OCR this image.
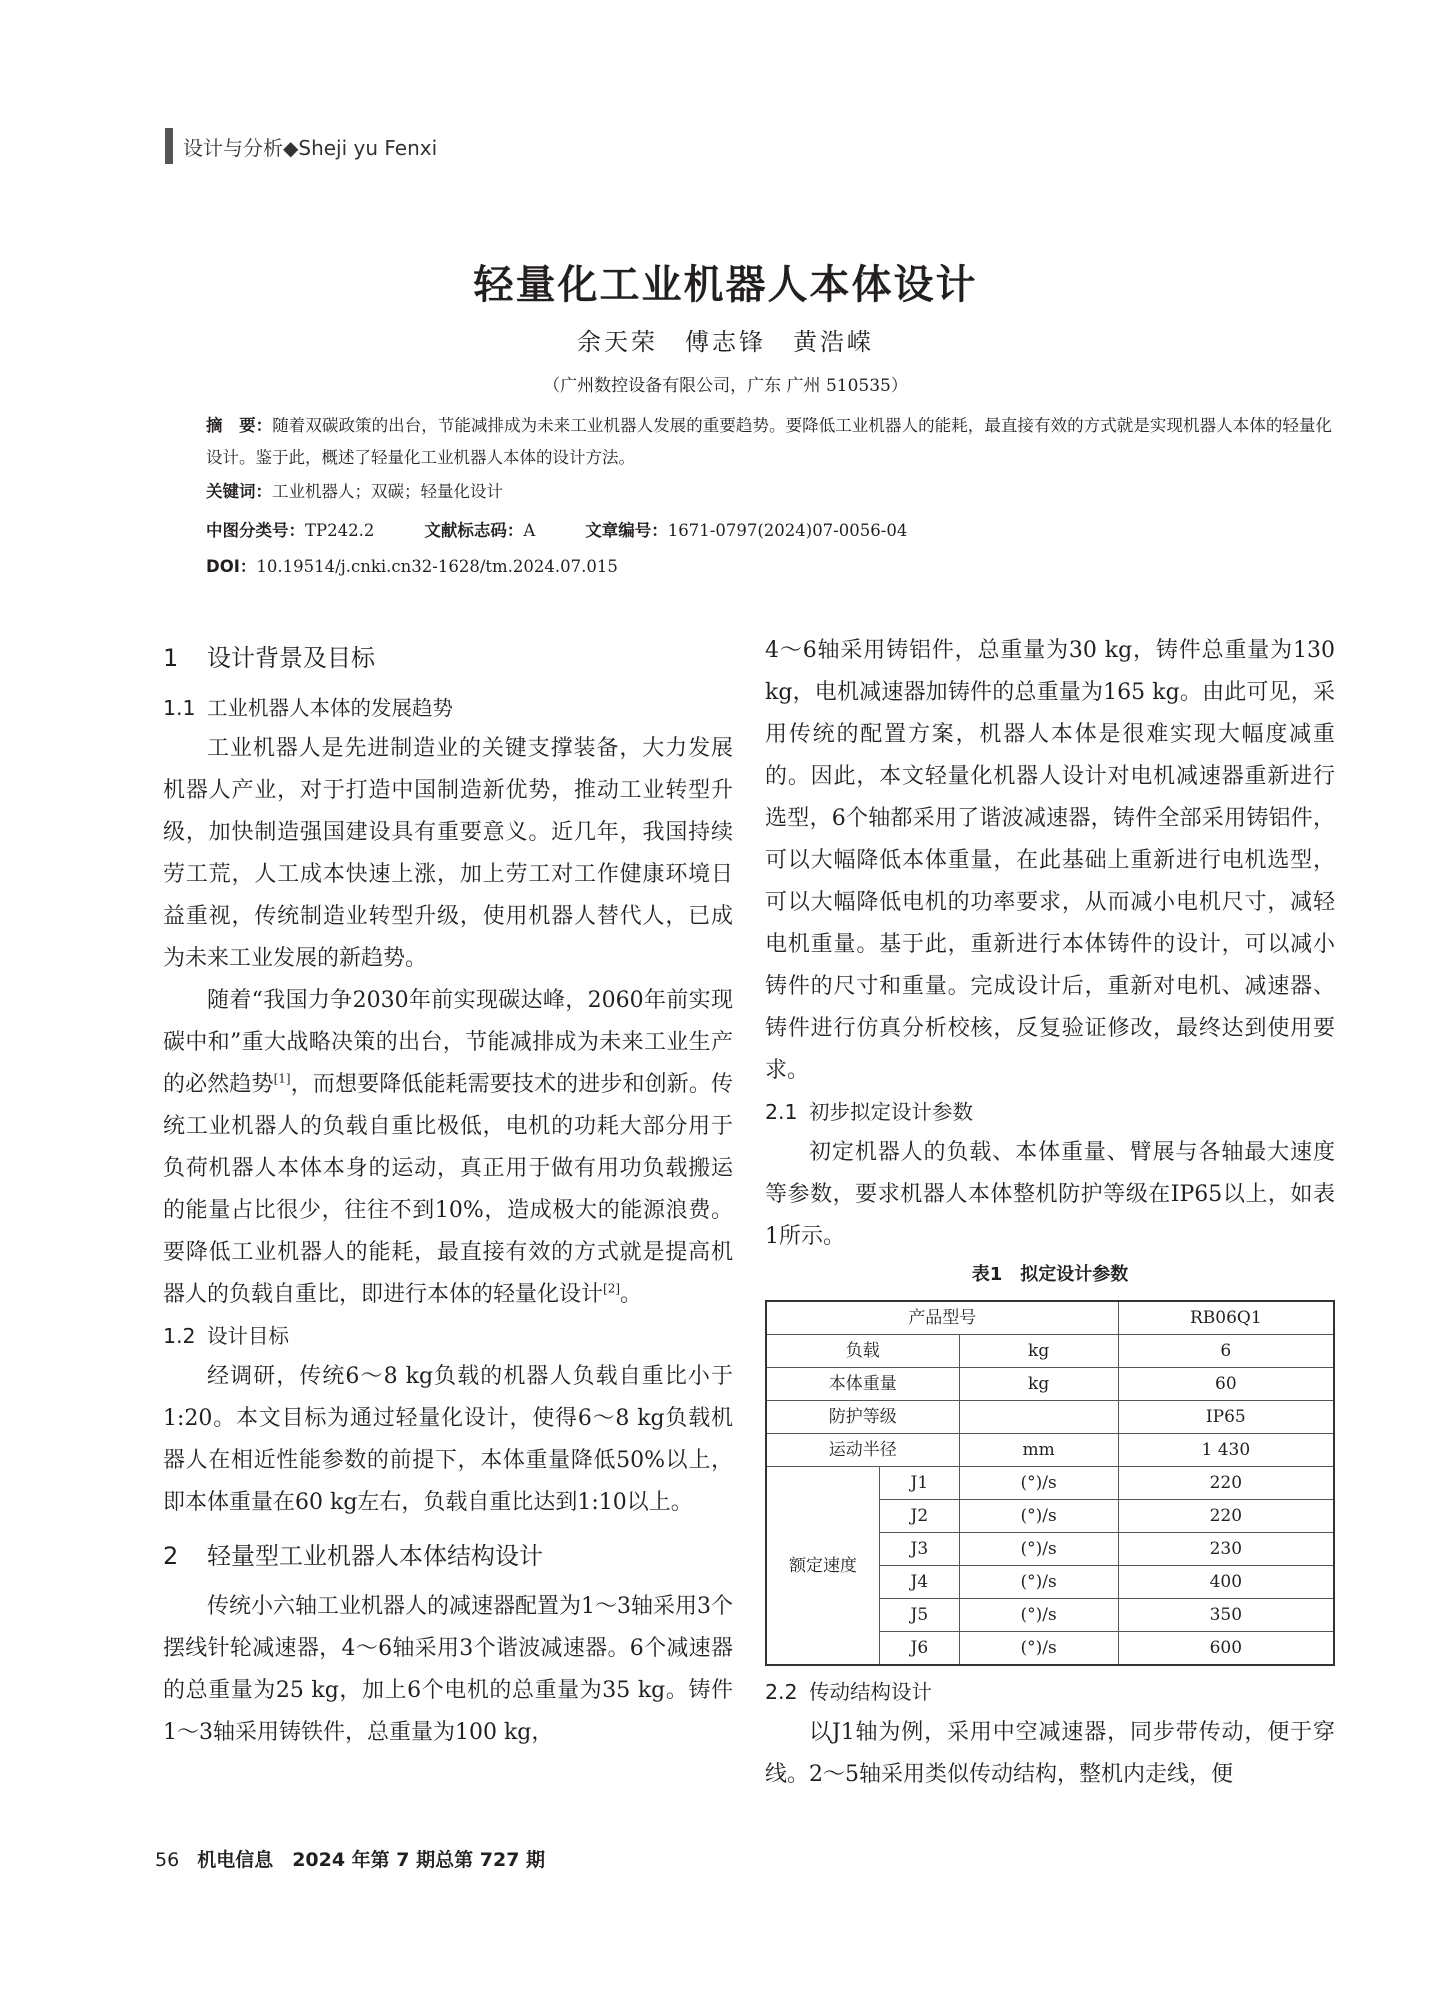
设计与分析◆Sheji yu Fenxi
轻量化工业机器人本体设计
余天荣　傅志锋　黄浩嵘
（广州数控设备有限公司，广东 广州 510535）
摘　要：随着双碳政策的出台，节能减排成为未来工业机器人发展的重要趋势。要降低工业机器人的能耗，最直接有效的方式就是实现机器人本体的轻量化设计。鉴于此，概述了轻量化工业机器人本体的设计方法。
关键词：工业机器人；双碳；轻量化设计
中图分类号：TP242.2	文献标志码：A	文章编号：1671-0797(2024)07-0056-04
DOI：10.19514/j.cnki.cn32-1628/tm.2024.07.015
1 设计背景及目标
1.1 工业机器人本体的发展趋势

工业机器人是先进制造业的关键支撑装备，大力发展机器人产业，对于打造中国制造新优势，推动工业转型升级，加快制造强国建设具有重要意义。近几年，我国持续劳工荒，人工成本快速上涨，加上劳工对工作健康环境日益重视，传统制造业转型升级，使用机器人替代人，已成为未来工业发展的新趋势。

随着“我国力争2030年前实现碳达峰，2060年前实现碳中和”重大战略决策的出台，节能减排成为未来工业生产的必然趋势[1]，而想要降低能耗需要技术的进步和创新。传统工业机器人的负载自重比极低，电机的功耗大部分用于负荷机器人本体本身的运动，真正用于做有用功负载搬运的能量占比很少，往往不到10%，造成极大的能源浪费。要降低工业机器人的能耗，最直接有效的方式就是提高机器人的负载自重比，即进行本体的轻量化设计[2]。

1.2 设计目标

经调研，传统6～8 kg负载的机器人负载自重比小于1:20。本文目标为通过轻量化设计，使得6～8 kg负载机器人在相近性能参数的前提下，本体重量降低50%以上，即本体重量在60 kg左右，负载自重比达到1:10以上。

2 轻量型工业机器人本体结构设计

传统小六轴工业机器人的减速器配置为1～3轴采用3个摆线针轮减速器，4～6轴采用3个谐波减速器。6个减速器的总重量为25 kg，加上6个电机的总重量为35 kg。铸件1～3轴采用铸铁件，总重量为100 kg，

4～6轴采用铸铝件，总重量为30 kg，铸件总重量为130 kg，电机减速器加铸件的总重量为165 kg。由此可见，采用传统的配置方案，机器人本体是很难实现大幅度减重的。因此，本文轻量化机器人设计对电机减速器重新进行选型，6个轴都采用了谐波减速器，铸件全部采用铸铝件，可以大幅降低本体重量，在此基础上重新进行电机选型，可以大幅降低电机的功率要求，从而减小电机尺寸，减轻电机重量。基于此，重新进行本体铸件的设计，可以减小铸件的尺寸和重量。完成设计后，重新对电机、减速器、铸件进行仿真分析校核，反复验证修改，最终达到使用要求。

2.1 初步拟定设计参数

初定机器人的负载、本体重量、臂展与各轴最大速度等参数，要求机器人本体整机防护等级在IP65以上，如表1所示。

表1　拟定设计参数
产品型号			RB06Q1
负载		kg	6
本体重量		kg	60
防护等级			IP65
运动半径		mm	1 430
额定速度	J1	(°)/s	220
	J2	(°)/s	220
	J3	(°)/s	230
	J4	(°)/s	400
	J5	(°)/s	350
	J6	(°)/s	600
2.2 传动结构设计

以J1轴为例，采用中空减速器，同步带传动，便于穿线。2～5轴采用类似传动结构，整机内走线，便

56 机电信息　2024 年第 7 期总第 727 期
